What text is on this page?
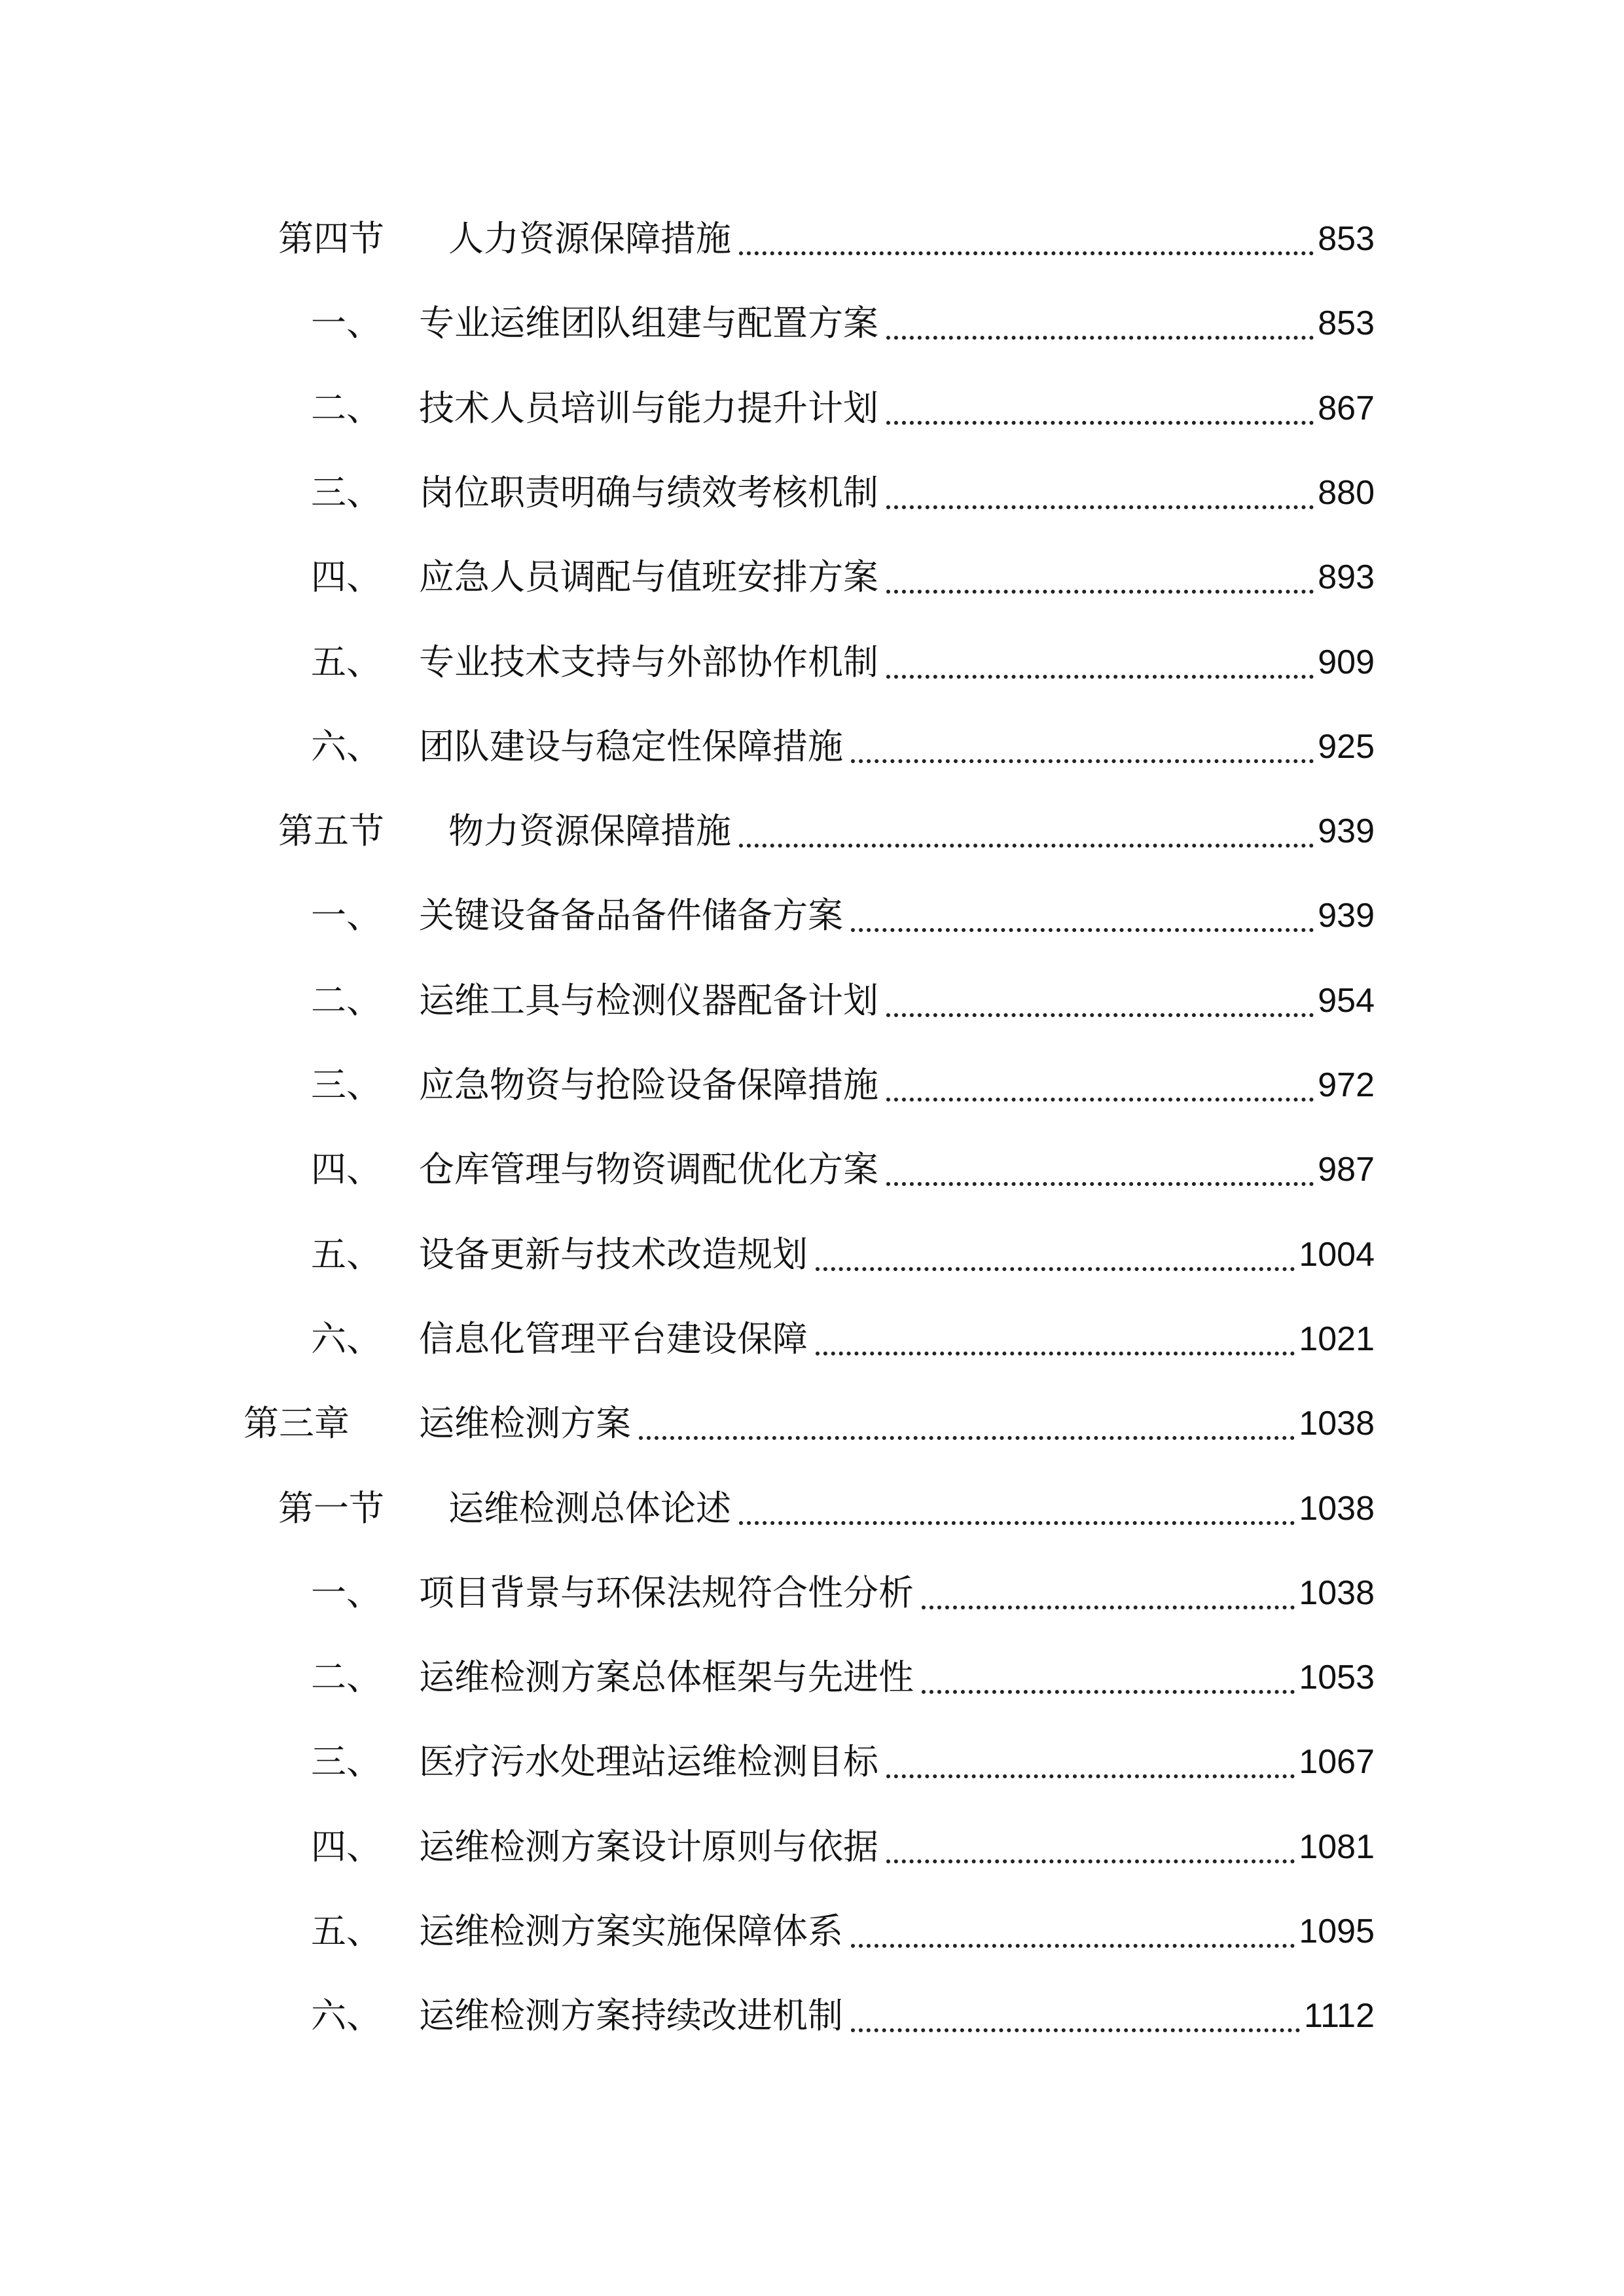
第四节 人力资源保障措施	853
一、 专业运维团队组建与配置方案	853
二、 技术人员培训与能力提升计划	867
三、 岗位职责明确与绩效考核机制	880
四、 应急人员调配与值班安排方案	893
五、 专业技术支持与外部协作机制	909
六、 团队建设与稳定性保障措施	925
第五节 物力资源保障措施	939
一、 关键设备备品备件储备方案	939
二、 运维工具与检测仪器配备计划	954
三、 应急物资与抢险设备保障措施	972
四、 仓库管理与物资调配优化方案	987
五、 设备更新与技术改造规划	1004
六、 信息化管理平台建设保障	1021
第三章 运维检测方案	1038
第一节 运维检测总体论述	1038
一、 项目背景与环保法规符合性分析	1038
二、 运维检测方案总体框架与先进性	1053
三、 医疗污水处理站运维检测目标	1067
四、 运维检测方案设计原则与依据	1081
五、 运维检测方案实施保障体系	1095
六、 运维检测方案持续改进机制	1112
